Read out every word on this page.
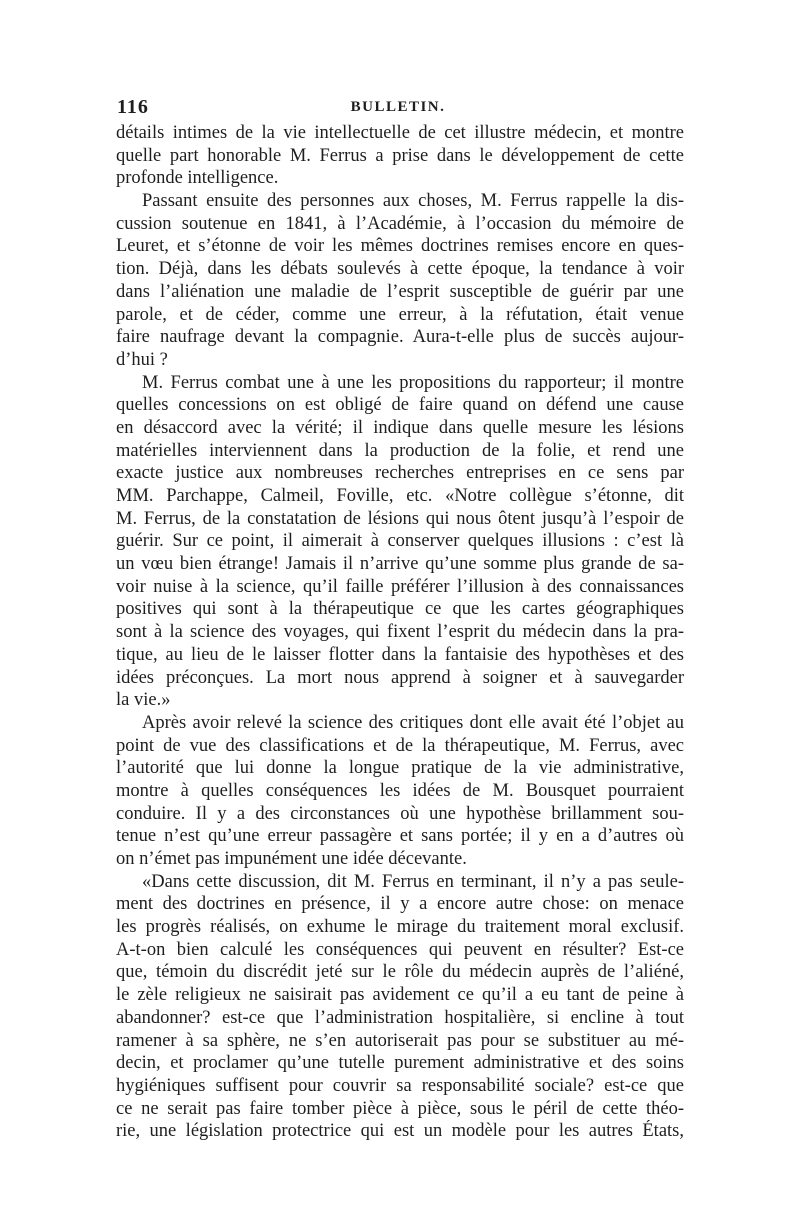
116	BULLETIN.
détails intimes de la vie intellectuelle de cet illustre médecin, et montre
quelle part honorable M. Ferrus a prise dans le développement de cette
profonde intelligence.
Passant ensuite des personnes aux choses, M. Ferrus rappelle la dis-
cussion soutenue en 1841, à l’Académie, à l’occasion du mémoire de
Leuret, et s’étonne de voir les mêmes doctrines remises encore en ques-
tion. Déjà, dans les débats soulevés à cette époque, la tendance à voir
dans l’aliénation une maladie de l’esprit susceptible de guérir par une
parole, et de céder, comme une erreur, à la réfutation, était venue
faire naufrage devant la compagnie. Aura-t-elle plus de succès aujour-
d’hui ?
M. Ferrus combat une à une les propositions du rapporteur; il montre
quelles concessions on est obligé de faire quand on défend une cause
en désaccord avec la vérité; il indique dans quelle mesure les lésions
matérielles interviennent dans la production de la folie, et rend une
exacte justice aux nombreuses recherches entreprises en ce sens par
MM. Parchappe, Calmeil, Foville, etc. «Notre collègue s’étonne, dit
M. Ferrus, de la constatation de lésions qui nous ôtent jusqu’à l’espoir de
guérir. Sur ce point, il aimerait à conserver quelques illusions : c’est là
un vœu bien étrange! Jamais il n’arrive qu’une somme plus grande de sa-
voir nuise à la science, qu’il faille préférer l’illusion à des connaissances
positives qui sont à la thérapeutique ce que les cartes géographiques
sont à la science des voyages, qui fixent l’esprit du médecin dans la pra-
tique, au lieu de le laisser flotter dans la fantaisie des hypothèses et des
idées préconçues. La mort nous apprend à soigner et à sauvegarder
la vie.»
Après avoir relevé la science des critiques dont elle avait été l’objet au
point de vue des classifications et de la thérapeutique, M. Ferrus, avec
l’autorité que lui donne la longue pratique de la vie administrative,
montre à quelles conséquences les idées de M. Bousquet pourraient
conduire. Il y a des circonstances où une hypothèse brillamment sou-
tenue n’est qu’une erreur passagère et sans portée; il y en a d’autres où
on n’émet pas impunément une idée décevante.
«Dans cette discussion, dit M. Ferrus en terminant, il n’y a pas seule-
ment des doctrines en présence, il y a encore autre chose: on menace
les progrès réalisés, on exhume le mirage du traitement moral exclusif.
A-t-on bien calculé les conséquences qui peuvent en résulter? Est-ce
que, témoin du discrédit jeté sur le rôle du médecin auprès de l’aliéné,
le zèle religieux ne saisirait pas avidement ce qu’il a eu tant de peine à
abandonner? est-ce que l’administration hospitalière, si encline à tout
ramener à sa sphère, ne s’en autoriserait pas pour se substituer au mé-
decin, et proclamer qu’une tutelle purement administrative et des soins
hygiéniques suffisent pour couvrir sa responsabilité sociale? est-ce que
ce ne serait pas faire tomber pièce à pièce, sous le péril de cette théo-
rie, une législation protectrice qui est un modèle pour les autres États,
